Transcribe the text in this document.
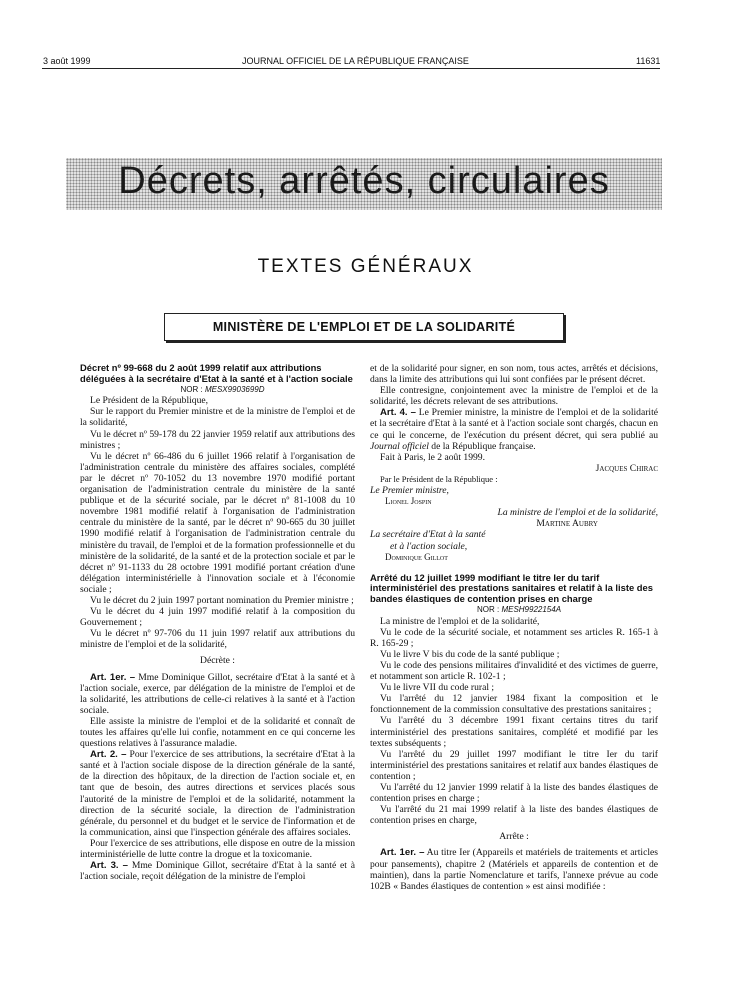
3 août 1999	JOURNAL OFFICIEL DE LA RÉPUBLIQUE FRANÇAISE	11631
Décrets, arrêtés, circulaires
TEXTES GÉNÉRAUX
MINISTÈRE DE L'EMPLOI ET DE LA SOLIDARITÉ

Décret nº 99-668 du 2 août 1999 relatif aux attributions déléguées à la secrétaire d'Etat à la santé et à l'action sociale

NOR : MESX9903699D

Le Président de la République,

Sur le rapport du Premier ministre et de la ministre de l'emploi et de la solidarité,

Vu le décret nº 59-178 du 22 janvier 1959 relatif aux attributions des ministres ;

Vu le décret nº 66-486 du 6 juillet 1966 relatif à l'organisation de l'administration centrale du ministère des affaires sociales, complété par le décret nº 70-1052 du 13 novembre 1970 modifié portant organisation de l'administration centrale du ministère de la santé publique et de la sécurité sociale, par le décret nº 81-1008 du 10 novembre 1981 modifié relatif à l'organisation de l'administration centrale du ministère de la santé, par le décret nº 90-665 du 30 juillet 1990 modifié relatif à l'organisation de l'administration centrale du ministère du travail, de l'emploi et de la formation professionnelle et du ministère de la solidarité, de la santé et de la protection sociale et par le décret nº 91-1133 du 28 octobre 1991 modifié portant création d'une délégation interministérielle à l'innovation sociale et à l'économie sociale ;

Vu le décret du 2 juin 1997 portant nomination du Premier ministre ;

Vu le décret du 4 juin 1997 modifié relatif à la composition du Gouvernement ;

Vu le décret nº 97-706 du 11 juin 1997 relatif aux attributions du ministre de l'emploi et de la solidarité,

Décrète :

Art. 1er. – Mme Dominique Gillot, secrétaire d'Etat à la santé et à l'action sociale, exerce, par délégation de la ministre de l'emploi et de la solidarité, les attributions de celle-ci relatives à la santé et à l'action sociale.

Elle assiste la ministre de l'emploi et de la solidarité et connaît de toutes les affaires qu'elle lui confie, notamment en ce qui concerne les questions relatives à l'assurance maladie.

Art. 2. – Pour l'exercice de ses attributions, la secrétaire d'Etat à la santé et à l'action sociale dispose de la direction générale de la santé, de la direction des hôpitaux, de la direction de l'action sociale et, en tant que de besoin, des autres directions et services placés sous l'autorité de la ministre de l'emploi et de la solidarité, notamment la direction de la sécurité sociale, la direction de l'administration générale, du personnel et du budget et le service de l'information et de la communication, ainsi que l'inspection générale des affaires sociales.

Pour l'exercice de ses attributions, elle dispose en outre de la mission interministérielle de lutte contre la drogue et la toxicomanie.

Art. 3. – Mme Dominique Gillot, secrétaire d'Etat à la santé et à l'action sociale, reçoit délégation de la ministre de l'emploi

et de la solidarité pour signer, en son nom, tous actes, arrêtés et décisions, dans la limite des attributions qui lui sont confiées par le présent décret.

Elle contresigne, conjointement avec la ministre de l'emploi et de la solidarité, les décrets relevant de ses attributions.

Art. 4. – Le Premier ministre, la ministre de l'emploi et de la solidarité et la secrétaire d'Etat à la santé et à l'action sociale sont chargés, chacun en ce qui le concerne, de l'exécution du présent décret, qui sera publié au Journal officiel de la République française.

Fait à Paris, le 2 août 1999.

Jacques Chirac

Par le Président de la République :

Le Premier ministre,

Lionel Jospin

La ministre de l'emploi et de la solidarité,

Martine Aubry

La secrétaire d'Etat à la santé

et à l'action sociale,

Dominique Gillot

Arrêté du 12 juillet 1999 modifiant le titre Ier du tarif interministériel des prestations sanitaires et relatif à la liste des bandes élastiques de contention prises en charge

NOR : MESH9922154A

La ministre de l'emploi et de la solidarité,

Vu le code de la sécurité sociale, et notamment ses articles R. 165-1 à R. 165-29 ;

Vu le livre V bis du code de la santé publique ;

Vu le code des pensions militaires d'invalidité et des victimes de guerre, et notamment son article R. 102-1 ;

Vu le livre VII du code rural ;

Vu l'arrêté du 12 janvier 1984 fixant la composition et le fonctionnement de la commission consultative des prestations sanitaires ;

Vu l'arrêté du 3 décembre 1991 fixant certains titres du tarif interministériel des prestations sanitaires, complété et modifié par les textes subséquents ;

Vu l'arrêté du 29 juillet 1997 modifiant le titre Ier du tarif interministériel des prestations sanitaires et relatif aux bandes élastiques de contention ;

Vu l'arrêté du 12 janvier 1999 relatif à la liste des bandes élastiques de contention prises en charge ;

Vu l'arrêté du 21 mai 1999 relatif à la liste des bandes élastiques de contention prises en charge,

Arrête :

Art. 1er. – Au titre Ier (Appareils et matériels de traitements et articles pour pansements), chapitre 2 (Matériels et appareils de contention et de maintien), dans la partie Nomenclature et tarifs, l'annexe prévue au code 102B « Bandes élastiques de contention » est ainsi modifiée :
